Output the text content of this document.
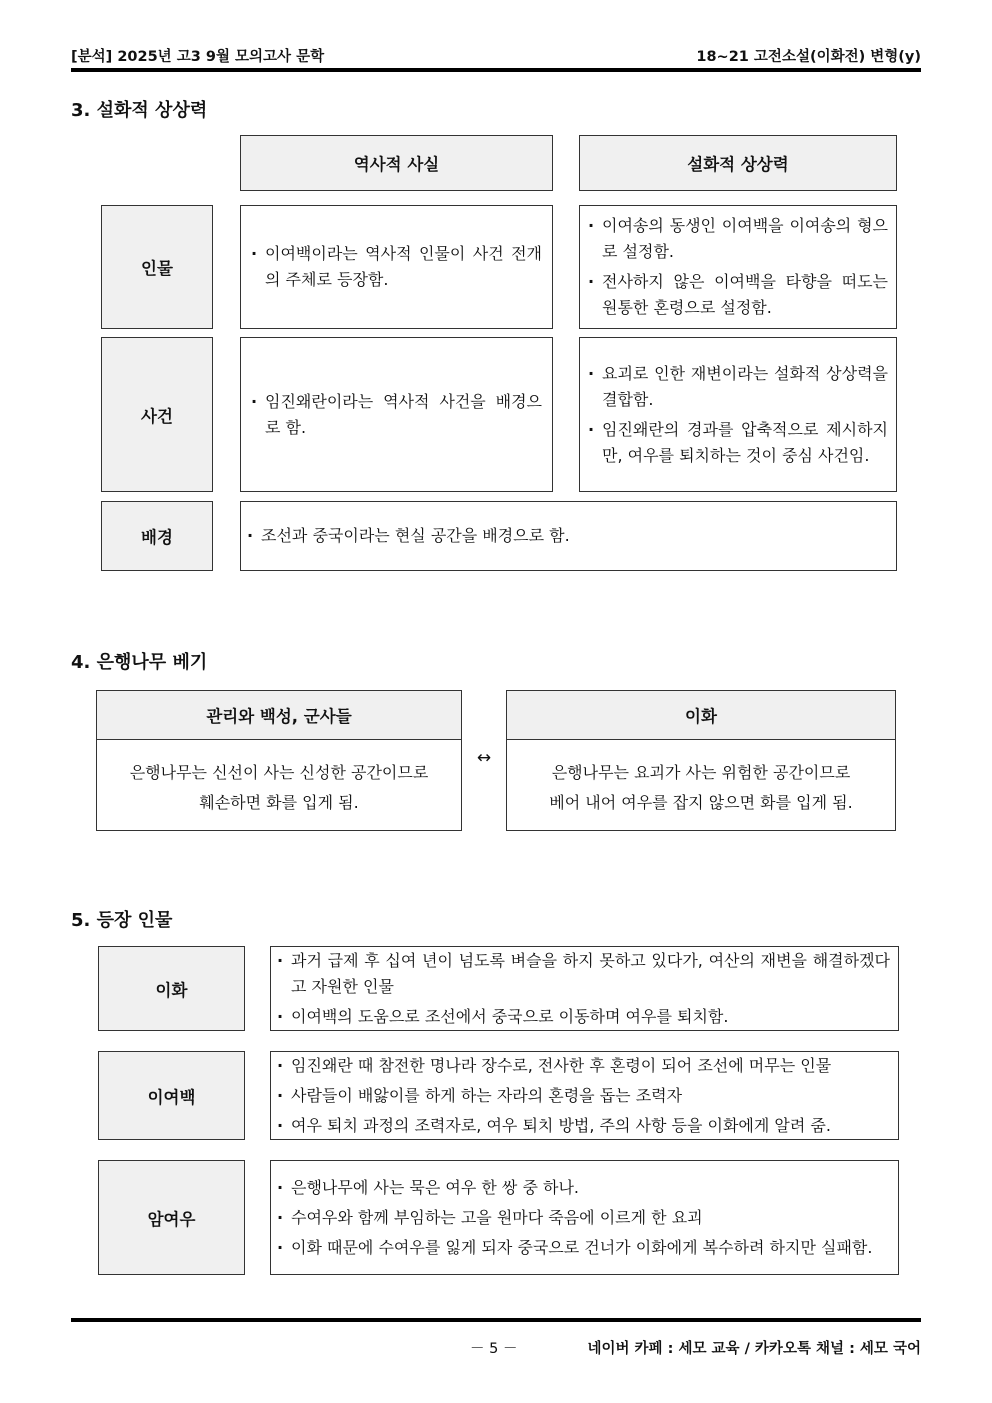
[분석] 2025년 고3 9월 모의고사 문학	18~21 고전소설(이화전) 변형(y)
3. 설화적 상상력
역사적 사실	설화적 상상력
인물
· 이여백이라는 역사적 인물이 사건 전개의 주체로 등장함.
· 이여송의 동생인 이여백을 이여송의 형으로 설정함.
· 전사하지 않은 이여백을 타향을 떠도는 원통한 혼령으로 설정함.
사건
· 임진왜란이라는 역사적 사건을 배경으로 함.
· 요괴로 인한 재변이라는 설화적 상상력을 결합함.
· 임진왜란의 경과를 압축적으로 제시하지만, 여우를 퇴치하는 것이 중심 사건임.
배경
·	조선과 중국이라는 현실 공간을 배경으로 함.
4. 은행나무 베기
관리와 백성, 군사들
은행나무는 신선이 사는 신성한 공간이므로
훼손하면 화를 입게 됨.
↔
이화
은행나무는 요괴가 사는 위험한 공간이므로
베어 내어 여우를 잡지 않으면 화를 입게 됨.
5. 등장 인물
이화
· 과거 급제 후 십여 년이 넘도록 벼슬을 하지 못하고 있다가, 여산의 재변을 해결하겠다고 자원한 인물
· 이여백의 도움으로 조선에서 중국으로 이동하며 여우를 퇴치함.
이여백
· 임진왜란 때 참전한 명나라 장수로, 전사한 후 혼령이 되어 조선에 머무는 인물
· 사람들이 배앓이를 하게 하는 자라의 혼령을 돕는 조력자
· 여우 퇴치 과정의 조력자로, 여우 퇴치 방법, 주의 사항 등을 이화에게 알려 줌.
암여우
· 은행나무에 사는 묵은 여우 한 쌍 중 하나.
· 수여우와 함께 부임하는 고을 원마다 죽음에 이르게 한 요괴
· 이화 때문에 수여우를 잃게 되자 중국으로 건너가 이화에게 복수하려 하지만 실패함.
－ 5 －	네이버 카페 : 세모 교육 / 카카오톡 채널 : 세모 국어
